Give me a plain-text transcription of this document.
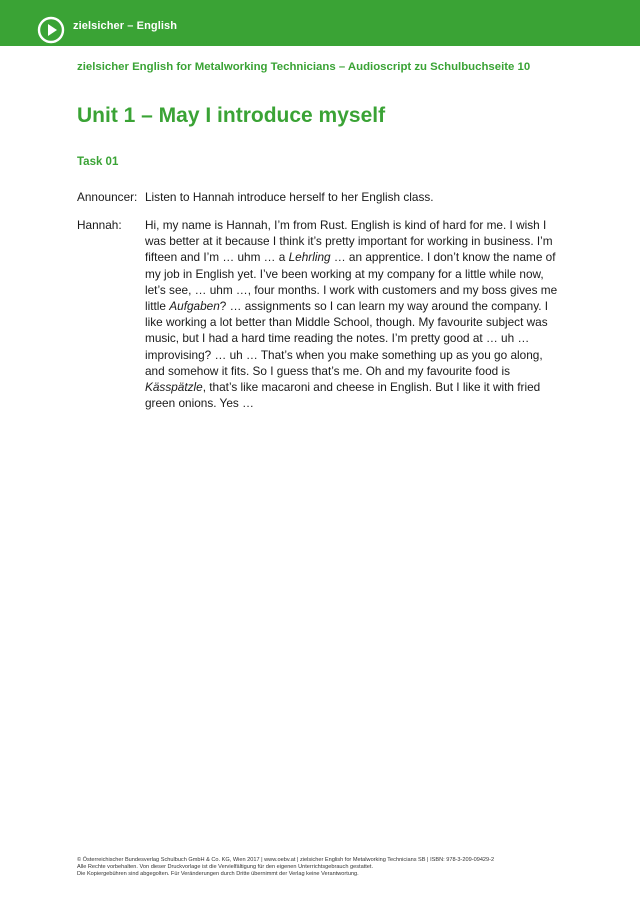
zielsicher – English
zielsicher English for Metalworking Technicians – Audioscript zu Schulbuchseite 10
Unit 1 – May I introduce myself
Task 01
Announcer: Listen to Hannah introduce herself to her English class.
Hannah: Hi, my name is Hannah, I’m from Rust. English is kind of hard for me. I wish I was better at it because I think it’s pretty important for working in business. I’m fifteen and I’m … uhm … a Lehrling … an apprentice. I don’t know the name of my job in English yet. I’ve been working at my company for a little while now, let’s see, … uhm …, four months. I work with customers and my boss gives me little Aufgaben? … assignments so I can learn my way around the company. I like working a lot better than Middle School, though. My favourite subject was music, but I had a hard time reading the notes. I’m pretty good at … uh … improvising? … uh … That’s when you make something up as you go along, and somehow it fits. So I guess that’s me. Oh and my favourite food is Kässpätzle, that’s like macaroni and cheese in English. But I like it with fried green onions. Yes …
© Österreichischer Bundesverlag Schulbuch GmbH & Co. KG, Wien 2017 | www.oebv.at | zielsicher English for Metalworking Technicians SB | ISBN: 978-3-209-09429-2
Alle Rechte vorbehalten. Von dieser Druckvorlage ist die Vervielfältigung für den eigenen Unterrichtsgebrauch gestattet.
Die Kopiergebühren sind abgegolten. Für Veränderungen durch Dritte übernimmt der Verlag keine Verantwortung.
